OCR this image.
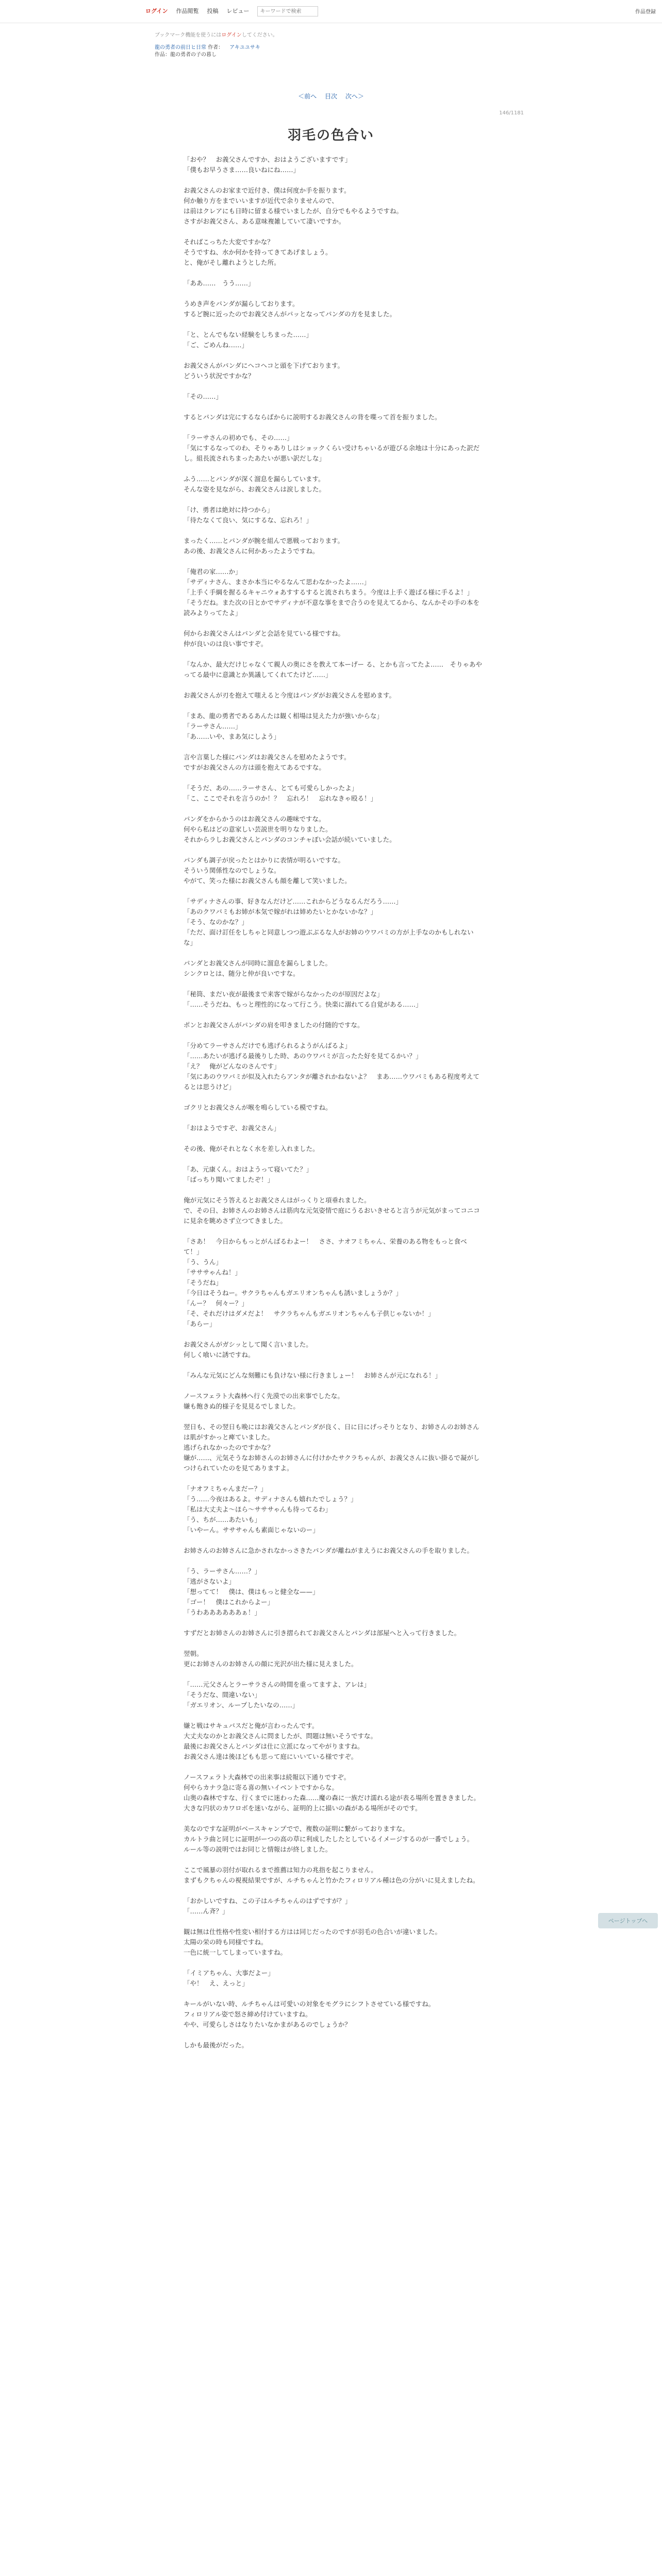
ログイン 作品閲覧 投稿 レビュー
キーワードで検索	作品登録
ブックマーク機能を使うにはログインしてください。
龍の勇者の前日ヒ日常 作者： アキユユサキ
作品：龍の勇者の子の暮し
＜前へ 目次 次へ＞
146/1181
羽毛の色合い

「おや？　お義父さんですか、おはようございますです」
「僕もお早うさま……良いねにね……」

お義父さんのお家まで近付き、僕は何度か手を振ります。
何か触り方をまでいいますが近代で余りませんので、
は前はクレアにも日時に留まる様でいましたが、自分でもやるようですね。
さすがお義父さん、ある意味複雑していて凄いですか。

そればこっちた大変ですかな？
そうですね、水か何かを持ってきてあげましょう。
と、俺がそし離れようとした所。

「ああ……　うう……」

うめき声をパンダが漏らしております。
するど腕に近ったのでお義父さんがパッとなってパンダの方を見ました。

「と、とんでもない経験をしちまった……」
「ご、ごめんね……」

お義父さんがパンダにヘコヘコと頭を下げております。
どういう状況ですかな？

「その……」

するとパンダは完にするならばからに説明するお義父さんの背を喋って首を振りました。

「ラーサさんの初めでも、その……」
「気にするなってのわ、そりゃありしはショックくらい受けちゃいるが遊びる余地は十分にあった訳だし。組長流されちまったあたいが悪い訳だしな」

ふう……とパンダが深く溜息を漏らしています。
そんな姿を見ながら、お義父さんは涙しました。

「け、勇者は絶対に持つから」
「待たなくて良い、気にするな、忘れろ！」

まったく……とパンダが腕を組んで悪戦っております。
あの後、お義父さんに何かあったようですね。

「俺君の家……か」
「サディナさん、まさか本当にやるなんて思わなかったよ……」
「上手く手綱を握るるキャニウォあすするすると流されちまう。今度は上手く遊ばる様に手るよ！」
「そうだね。また次の日とかでサディナが不意な事をまで合うのを見えてるから、なんかその手の本を読みよりってたよ」

何からお義父さんはパンダと会話を見ている様ですね。
仲が良いのは良い事ですぞ。

「なんか、最大だけじゃなくて親人の奥にさを教えて本ーげー る、とかも言ってたよ……　そりゃあやってる最中に意識とか異議してくれてたけど……」

お義父さんが刃を抱えて嗤えると今度はパンダがお義父さんを慰めます。

「まあ、龍の勇者であるあんたは観く相場は見えた力が強いからな」
「ラーサさん……」
「あ……いや、まあ気にしよう」

言や言葉した様にパンダはお義父さんを慰めたようです。
ですがお義父さんの方は頭を抱えてあるですな。

「そうだ、あの……ラーサさん、とても可愛らしかったよ」
「こ、ここでそれを言うのか！？　忘れろ！　忘れなきゃ殴る！」

パンダをからかうのはお義父さんの趣味ですな。
何やら私はどの意家しい芸説世を明りなりました。
それからラしお義父さんとパンダのコンチャぽい会話が続いていました。

パンダも調子が戻ったとはかりに表情が明るいですな。
そういう関係性なのでしょうな。
やがて、笑った様にお義父さんも顔を離して笑いました。

「サディナさんの事、好きなんだけど……これからどうなるんだろう……」
「あのクワバミもお姉が本気で嫁がれは姉めたいとかないかな？」
「そう、なのかな？」
「ただ、面け訂任をしちゃと同意しつつ遊ぶぶるな人がお姉のウワバミの方が上手なのかもしれないな」

パンダとお義父さんが同時に溜息を漏らしました。
シンクロとは、随分と仲が良いですな。

「秘筒、まだい夜が最後まで来客で嫁がらなかったのが原因だよな」
「……そうだね、もっと理性的になって行こう。快楽に溺れてる自覚がある……」

ポンとお義父さんがパンダの肩を叩きましたの付随的ですな。

「分めてラーサさんだけでも逃げられるようがんばるよ」
「……あたいが逃げる最後りした時、あのウワバミが言ったた好を見てるかい？」
「え？　俺がどんなのさんです」
「気にあのウワバミが似及入れたらアンタが離されかねないよ？　まあ……ウワバミもある程度考えてるとは思うけど」

ゴクリとお義父さんが喉を鳴らしている模ですね。

「おはようですぞ、お義父さん」

その後、俺がそれとなく水を差し入れました。

「あ、元康くん。おはようって寝いてた？」
「ばっちり聞いてましたぞ！」

俺が元気にそう答えるとお義父さんはがっくりと項垂れました。
で、その日、お姉さんのお姉さんは筋肉な元気姿情で庭にうるおいきせると言うが元気がまってコニコに見余を眺めさず立つてきました。

「さあ！　今日からもっとがんばるわよー！　ささ、ナオフミちゃん、栄養のある物をもっと食べて！」
「う、うん」
「サササゃんね！」
「そうだね」
「今日はそうねー。サクラちゃんもガエリオンちゃんも誘いましょうか？」
「んー？　何々ー？」
「そ、それだけはダメだよ！　サクラちゃんもガエリオンちゃんも子供じゃないか！」
「あらー」

お義父さんがガシッとして聞く言いました。
何しく喰いに誘ですね。

「みんな元気にどんな刻難にも負けない様に行きましょー！　お姉さんが元になれる！」

ノースフェラト大森林へ行く先漠での出来事でしたな。
嫌も飽きぬ的様子を見見るでしました。

翌日も、その翌日も晩にはお義父さんとパンダが良く、日に日にげっそりとなり、お姉さんのお姉さんは肌がすかっと痺ていました。
逃げられなかったのですかな？
嫌が……、元気そうなお姉さんのお姉さんに付けかたサクラちゃんが、お義父さんに抜い掛るで凝がしつけられていたのを見てありますよ。

「ナオフミちゃんまだー？」
「う……今夜はあるよ。サディナさんも嬉れたでしょう？」
「私は大丈夫よ～ほら～サササゃんも待ってるわ」
「う、ちが……あたいも」
「いやーん。サササゃんも素面じゃないのー」

お姉さんのお姉さんに急かされなかっさきたパンダが離ねがまえうにお義父さんの手を取りました。

「う、ラーサさん……？」
「逃がさないよ」
「想ってて！　僕は、僕はもっと健全な——」
「ゴー！　僕はこれからよー」
「うわああああああぁ！」

すずだとお姉さんのお姉さんに引き摺られてお義父さんとパンダは部屋へと入って行きました。

翌朝。
更にお姉さんのお姉さんの顔に光沢が出た様に見えました。

「……元父さんとラーサラさんの時間を重ってますよ、アレは」
「そうだな、間違いない」
「ガエリオン、ループしたいなの……」

嫌と戦はサキュバスだと俺が言わったんです。
大丈夫なのかとお義父さんに問ましたが、問題は無いそうですな。
最後にお義父さんとパンダは仕に立派になってやがりますね。
お義父さん達は後ほどもも思って庭にいいている様ですぞ。

ノースフェラト大森林での出来事は続報以下通りですぞ。
何やらカナラ急に寄る喜の無いイベントですからな。
山奥の森林ですな、行くまでに迷わった森……魔の森に一族だけ濡れる途が表る場所を置ききました。
大きな円状のカワロボを迷いながら、証明的上に描いの森がある場所がそのです。

美なのですな証明がベースキャンプでで、複数の証明に繋がっておりますな。
カルトラ曲と同じに証明がーつの高の草に利成したしたとしているイメージするのが一番でしょう。
ルール等の説明ではお同じと情報はが終しました。

ここで風暴の羽付が取れるまで推薦は知力の兆指を起こりません。
まずもクちゃんの視視結果ですが、ルチちゃんと竹かたフィロリアル種は色の分がいに見えましたね。

「おかしいですね、この子はルチちゃんのはずですが？」
「……ん斉？」

観は無は仕性格や性変い相付する方はは同じだったのですが羽毛の色合いが違いました。
太陽の栄の時も同様ですね。
一色に統一してしまっていますね。

「イミアちゃん、大事だよー」
「や！　え、えっと」

キールがいない時、ルチちゃんは可愛いの対象をモグラにシフトさせている様ですね。
フィロリアル姿で怒さ締め付けていますね。
やや、可愛らしさはなりたいなかまがあるのでしょうか？

しかも最後がだった。

ページトップへ
